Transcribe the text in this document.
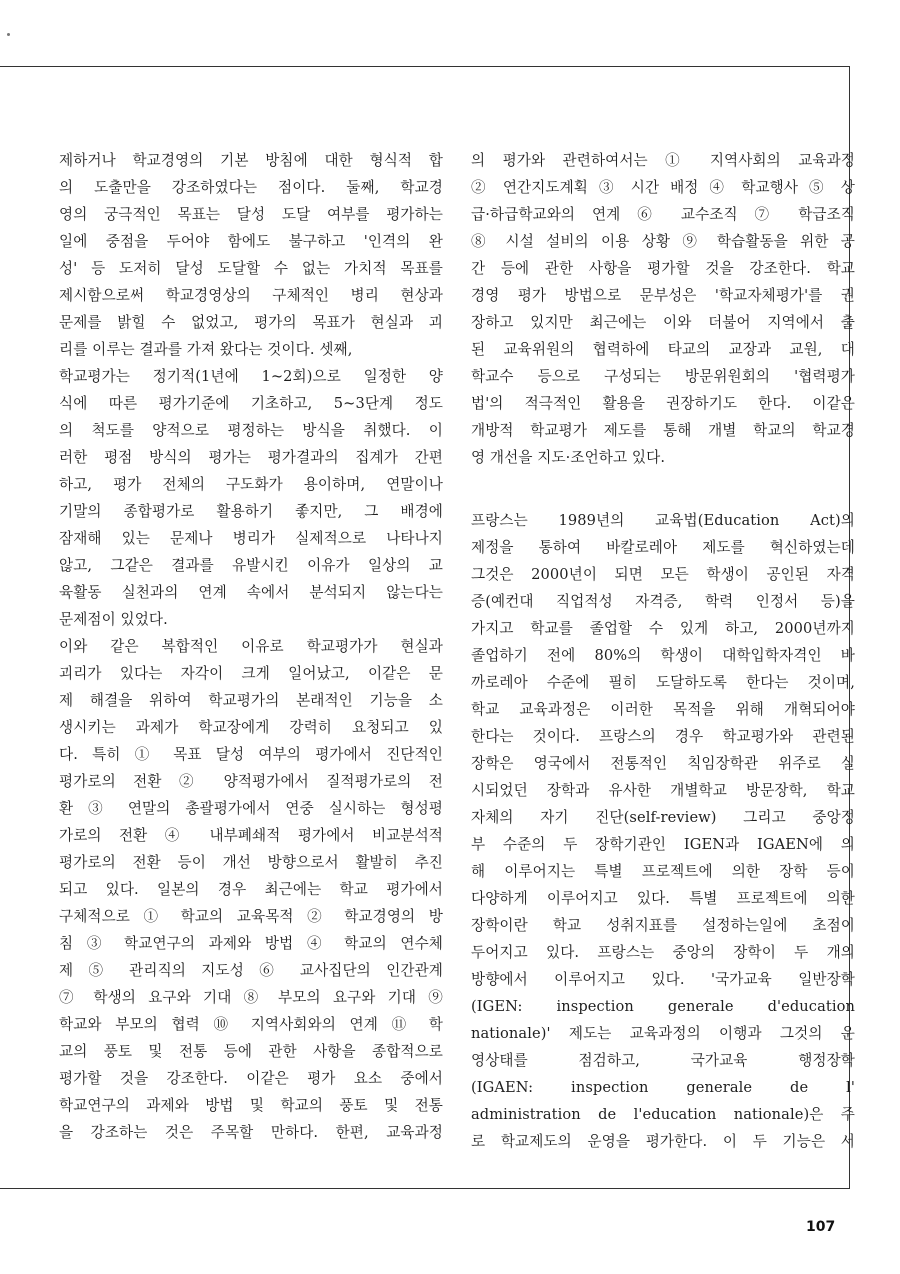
제하거나 학교경영의 기본 방침에 대한 형식적 합
의 도출만을 강조하였다는 점이다. 둘째, 학교경
영의 궁극적인 목표는 달성 도달 여부를 평가하는
일에 중점을 두어야 함에도 불구하고 '인격의 완
성' 등 도저히 달성 도달할 수 없는 가치적 목표를
제시함으로써 학교경영상의 구체적인 병리 현상과
문제를 밝힐 수 없었고, 평가의 목표가 현실과 괴
리를 이루는 결과를 가져 왔다는 것이다. 셋째,
학교평가는 정기적(1년에 1~2회)으로 일정한 양
식에 따른 평가기준에 기초하고, 5~3단계 정도
의 척도를 양적으로 평정하는 방식을 취했다. 이
러한 평점 방식의 평가는 평가결과의 집계가 간편
하고, 평가 전체의 구도화가 용이하며, 연말이나
기말의 종합평가로 활용하기 좋지만, 그 배경에
잠재해 있는 문제나 병리가 실제적으로 나타나지
않고, 그같은 결과를 유발시킨 이유가 일상의 교
육활동 실천과의 연계 속에서 분석되지 않는다는
문제점이 있었다.
이와 같은 복합적인 이유로 학교평가가 현실과
괴리가 있다는 자각이 크게 일어났고, 이같은 문
제 해결을 위하여 학교평가의 본래적인 기능을 소
생시키는 과제가 학교장에게 강력히 요청되고 있
다. 특히 ① 목표 달성 여부의 평가에서 진단적인
평가로의 전환 ② 양적평가에서 질적평가로의 전
환 ③ 연말의 총괄평가에서 연중 실시하는 형성평
가로의 전환 ④ 내부폐쇄적 평가에서 비교분석적
평가로의 전환 등이 개선 방향으로서 활발히 추진
되고 있다. 일본의 경우 최근에는 학교 평가에서
구체적으로 ① 학교의 교육목적 ② 학교경영의 방
침 ③ 학교연구의 과제와 방법 ④ 학교의 연수체
제 ⑤ 관리직의 지도성 ⑥ 교사집단의 인간관계
⑦ 학생의 요구와 기대 ⑧ 부모의 요구와 기대 ⑨
학교와 부모의 협력 ⑩ 지역사회와의 연계 ⑪ 학
교의 풍토 및 전통 등에 관한 사항을 종합적으로
평가할 것을 강조한다. 이같은 평가 요소 중에서
학교연구의 과제와 방법 및 학교의 풍토 및 전통
을 강조하는 것은 주목할 만하다. 한편, 교육과정
의 평가와 관련하여서는 ① 지역사회의 교육과정
② 연간지도계획 ③ 시간 배정 ④ 학교행사 ⑤ 상
급·하급학교와의 연계 ⑥ 교수조직 ⑦ 학급조직
⑧ 시설 설비의 이용 상황 ⑨ 학습활동을 위한 공
간 등에 관한 사항을 평가할 것을 강조한다. 학교
경영 평가 방법으로 문부성은 '학교자체평가'를 권
장하고 있지만 최근에는 이와 더불어 지역에서 출
된 교육위원의 협력하에 타교의 교장과 교원, 대
학교수 등으로 구성되는 방문위원회의 '협력평가
법'의 적극적인 활용을 권장하기도 한다. 이같은
개방적 학교평가 제도를 통해 개별 학교의 학교경
영 개선을 지도·조언하고 있다.
프랑스는 1989년의 교육법(Education Act)의
제정을 통하여 바칼로레아 제도를 혁신하였는데
그것은 2000년이 되면 모든 학생이 공인된 자격
증(예컨대 직업적성 자격증, 학력 인정서 등)을
가지고 학교를 졸업할 수 있게 하고, 2000년까지
졸업하기 전에 80%의 학생이 대학입학자격인 바
까로레아 수준에 필히 도달하도록 한다는 것이며,
학교 교육과정은 이러한 목적을 위해 개혁되어야
한다는 것이다. 프랑스의 경우 학교평가와 관련된
장학은 영국에서 전통적인 칙임장학관 위주로 실
시되었던 장학과 유사한 개별학교 방문장학, 학교
자체의 자기 진단(self-review) 그리고 중앙정
부 수준의 두 장학기관인 IGEN과 IGAEN에 의
해 이루어지는 특별 프로젝트에 의한 장학 등이
다양하게 이루어지고 있다. 특별 프로젝트에 의한
장학이란 학교 성취지표를 설정하는일에 초점이
두어지고 있다. 프랑스는 중앙의 장학이 두 개의
방향에서 이루어지고 있다. '국가교육 일반장학
(IGEN: inspection generale d'education
nationale)' 제도는 교육과정의 이행과 그것의 운
영상태를 점검하고, 국가교육 행정장학
(IGAEN: inspection generale de l'
administration de l'education nationale)은 주
로 학교제도의 운영을 평가한다. 이 두 기능은 서
107
